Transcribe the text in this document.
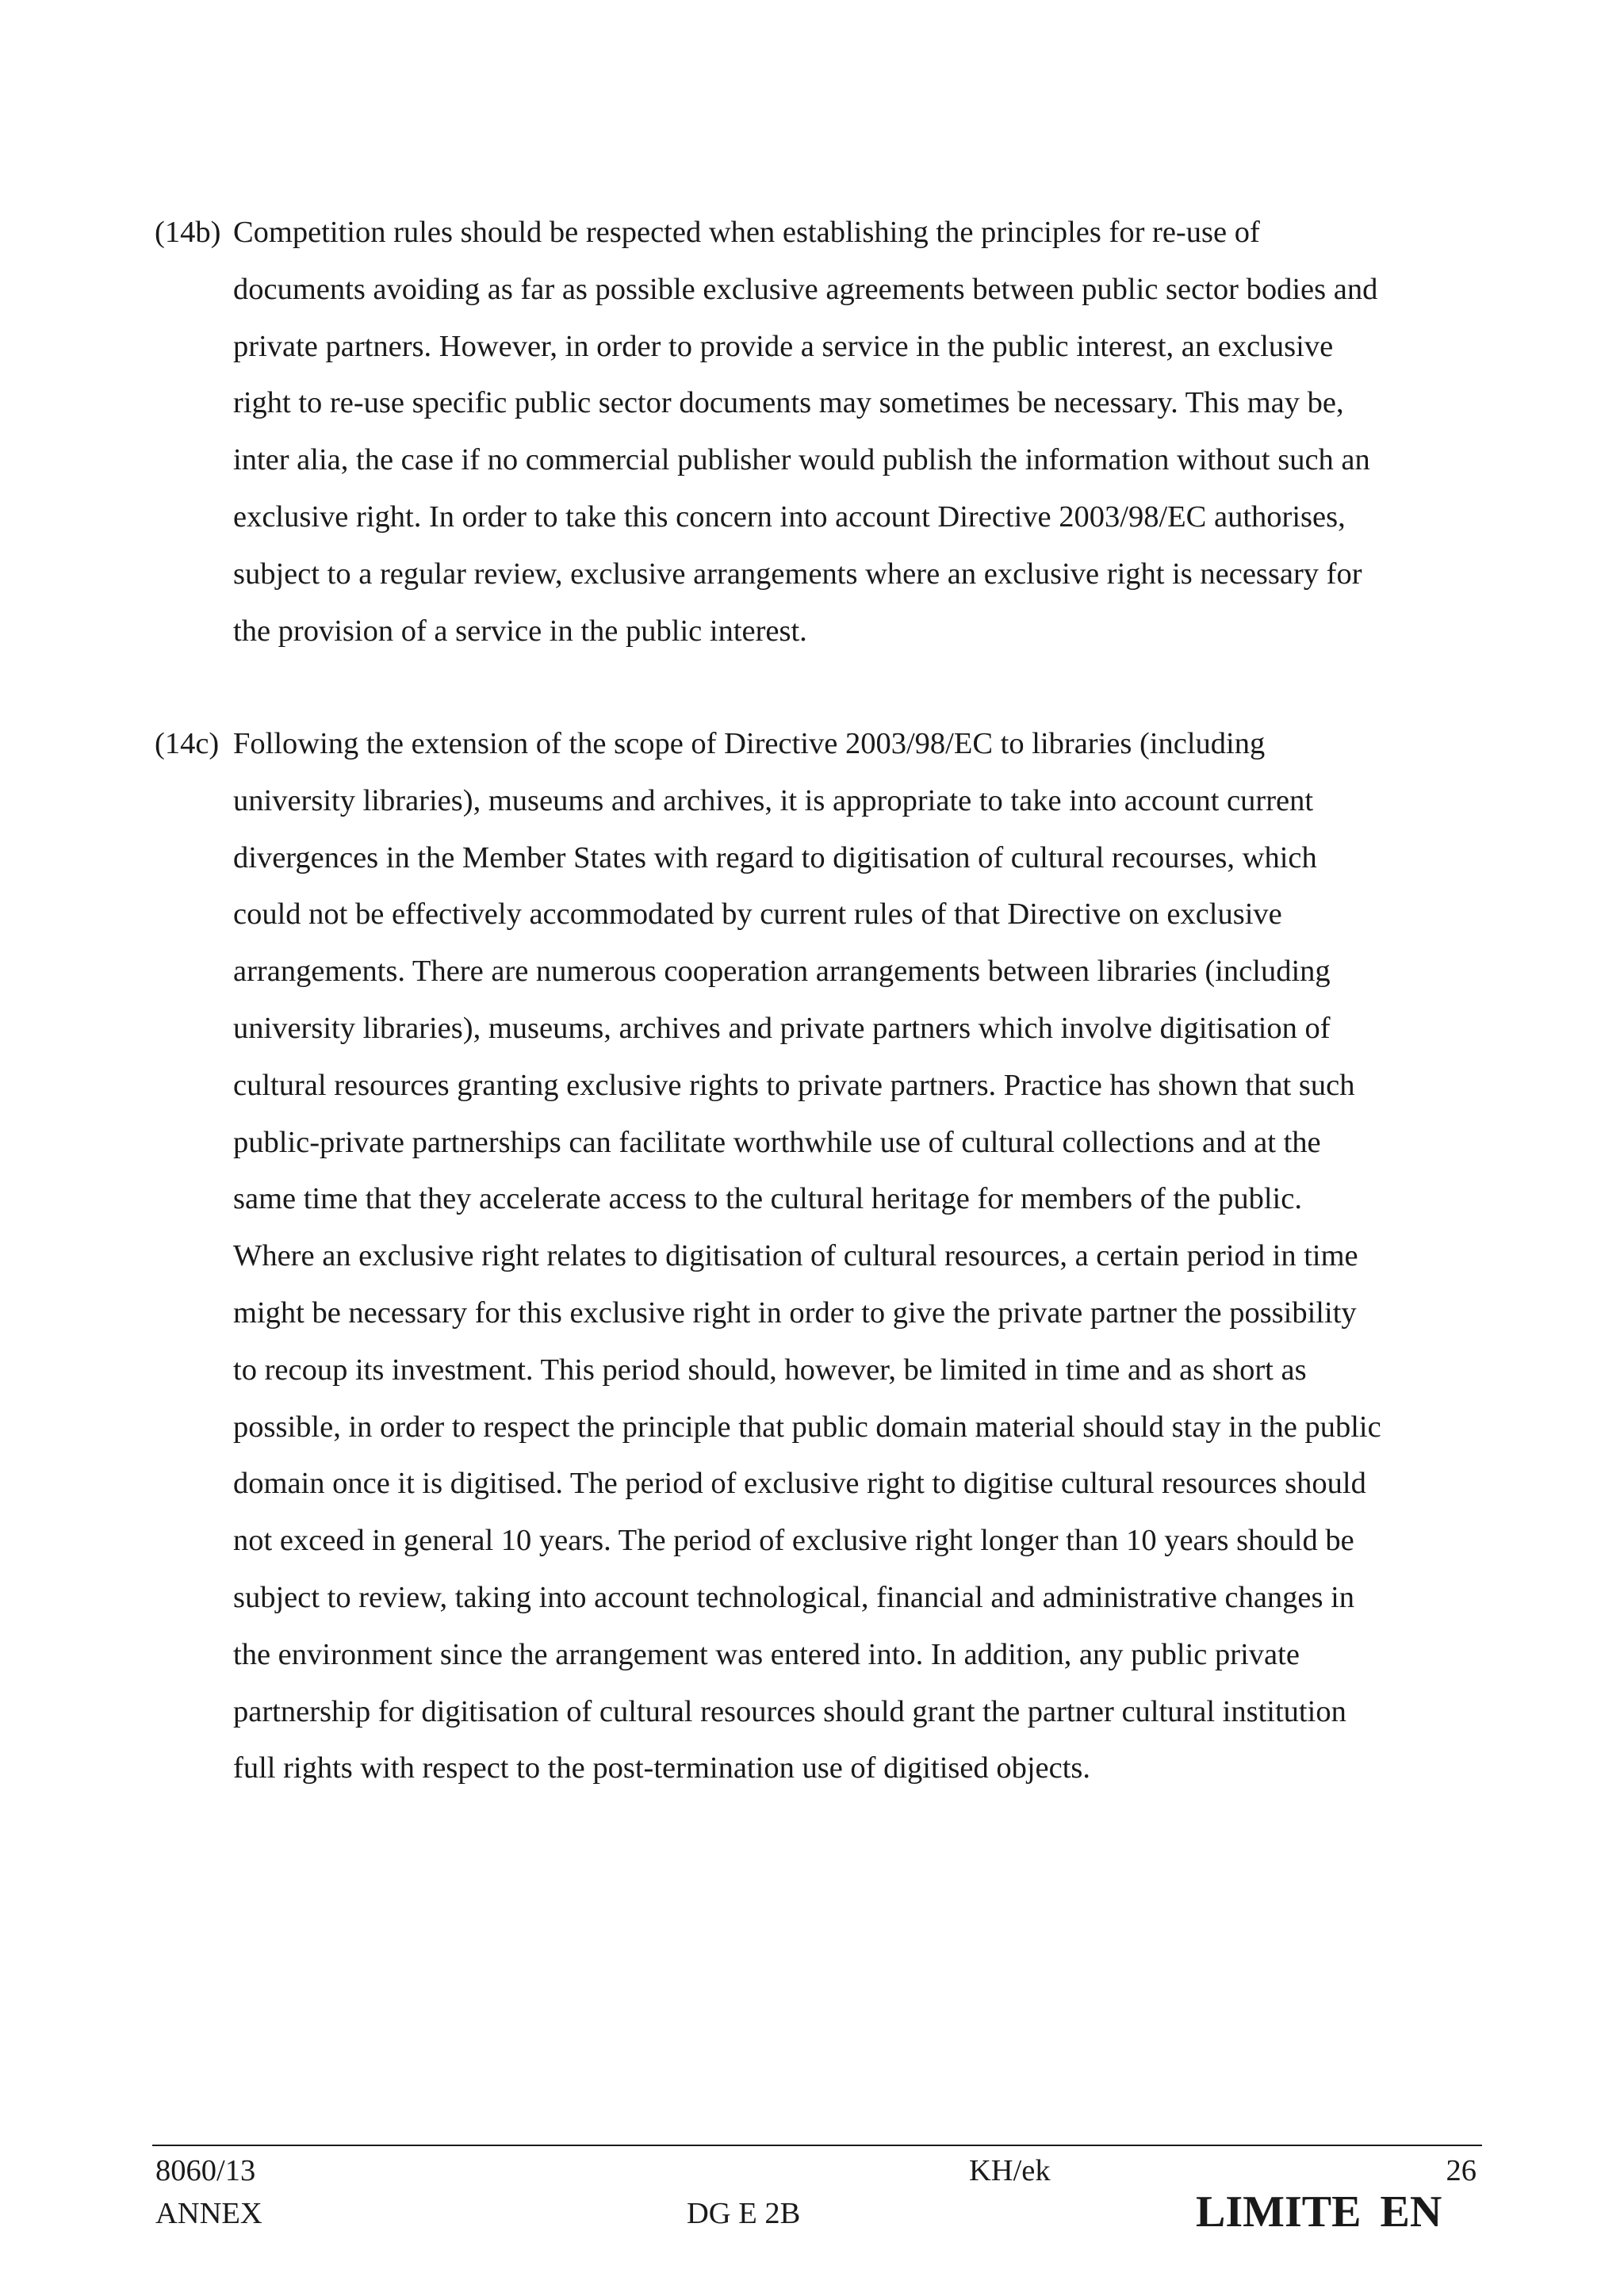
(14b) Competition rules should be respected when establishing the principles for re-use of
documents avoiding as far as possible exclusive agreements between public sector bodies and
private partners. However, in order to provide a service in the public interest, an exclusive
right to re-use specific public sector documents may sometimes be necessary. This may be,
inter alia, the case if no commercial publisher would publish the information without such an
exclusive right. In order to take this concern into account Directive 2003/98/EC authorises,
subject to a regular review, exclusive arrangements where an exclusive right is necessary for
the provision of a service in the public interest.
(14c) Following the extension of the scope of Directive 2003/98/EC to libraries (including
university libraries), museums and archives, it is appropriate to take into account current
divergences in the Member States with regard to digitisation of cultural recourses, which
could not be effectively accommodated by current rules of that Directive on exclusive
arrangements. There are numerous cooperation arrangements between libraries (including
university libraries), museums, archives and private partners which involve digitisation of
cultural resources granting exclusive rights to private partners. Practice has shown that such
public-private partnerships can facilitate worthwhile use of cultural collections and at the
same time that they accelerate access to the cultural heritage for members of the public.
Where an exclusive right relates to digitisation of cultural resources, a certain period in time
might be necessary for this exclusive right in order to give the private partner the possibility
to recoup its investment. This period should, however, be limited in time and as short as
possible, in order to respect the principle that public domain material should stay in the public
domain once it is digitised. The period of exclusive right to digitise cultural resources should
not exceed in general 10 years. The period of exclusive right longer than 10 years should be
subject to review, taking into account technological, financial and administrative changes in
the environment since the arrangement was entered into. In addition, any public private
partnership for digitisation of cultural resources should grant the partner cultural institution
full rights with respect to the post-termination use of digitised objects.
8060/13
ANNEX
KH/ek
DG E 2B
26
LIMITE EN
